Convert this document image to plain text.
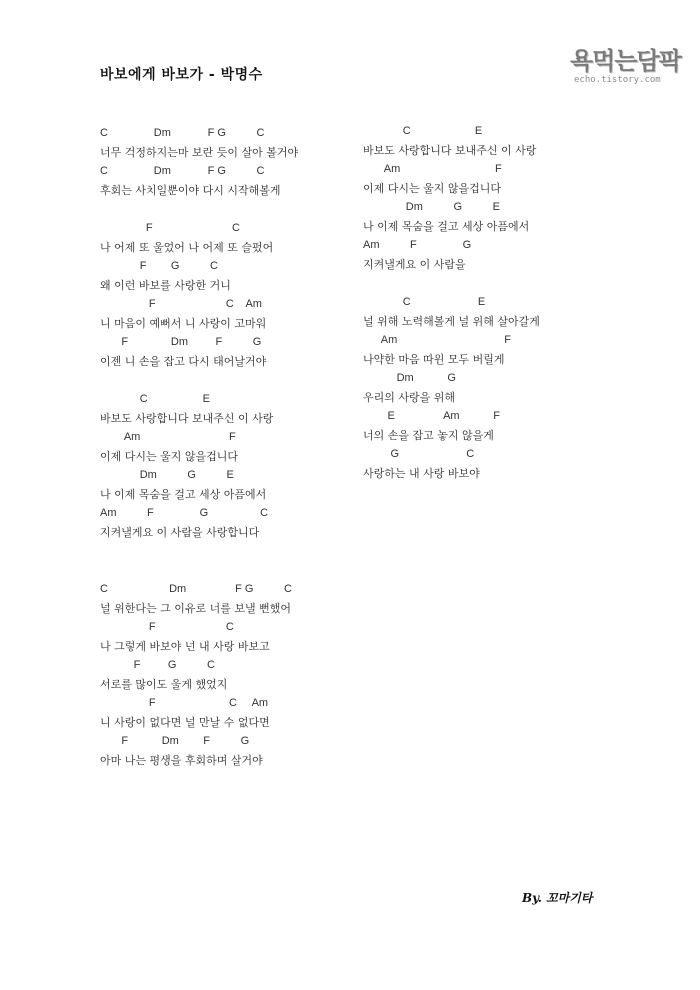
바보에게 바보가 - 박명수	욕먹는담팍
echo.tistory.com
C               Dm            F G          C
너무 걱정하지는마 보란 듯이 살아 볼거야
C               Dm            F G          C
후회는 사치일뿐이야 다시 시작해볼게
F                          C
나 어제 또 울었어 나 어제 또 슬펐어
F        G          C
왜 이런 바보를 사랑한 거니
F                       C    Am
니 마음이 예뻐서 니 사랑이 고마워
F              Dm         F          G
이젠 니 손을 잡고 다시 태어날거야
C                  E
바보도 사랑합니다 보내주신 이 사랑
Am                             F
이제 다시는 울지 않을겁니다
Dm          G          E
나 이제 목숨을 걸고 세상 아픔에서
Am          F               G                 C
지켜낼게요 이 사람을 사랑합니다
C                    Dm                F G          C
널 위한다는 그 이유로 너를 보낼 뻔했어
F                       C
나 그렇게 바보야 넌 내 사랑 바보고
F         G          C
서로를 많이도 울게 했었지
F                        C     Am
니 사랑이 없다면 널 만날 수 없다면
F           Dm        F          G
아마 나는 평생을 후회하며 살거야
C                     E
바보도 사랑합니다 보내주신 이 사랑
Am                               F
이제 다시는 울지 않을겁니다
Dm          G          E
나 이제 목숨을 걸고 세상 아픔에서
Am          F               G
지켜낼게요 이 사람을
C                      E
널 위해 노력해볼게 널 위해 살아갈게
Am                                   F
나약한 마음 따윈 모두 버릴게
Dm           G
우리의 사랑을 위해
E                Am           F
너의 손을 잡고 놓지 않을게
G                      C
사랑하는 내 사랑 바보야
By. 꼬마기타
